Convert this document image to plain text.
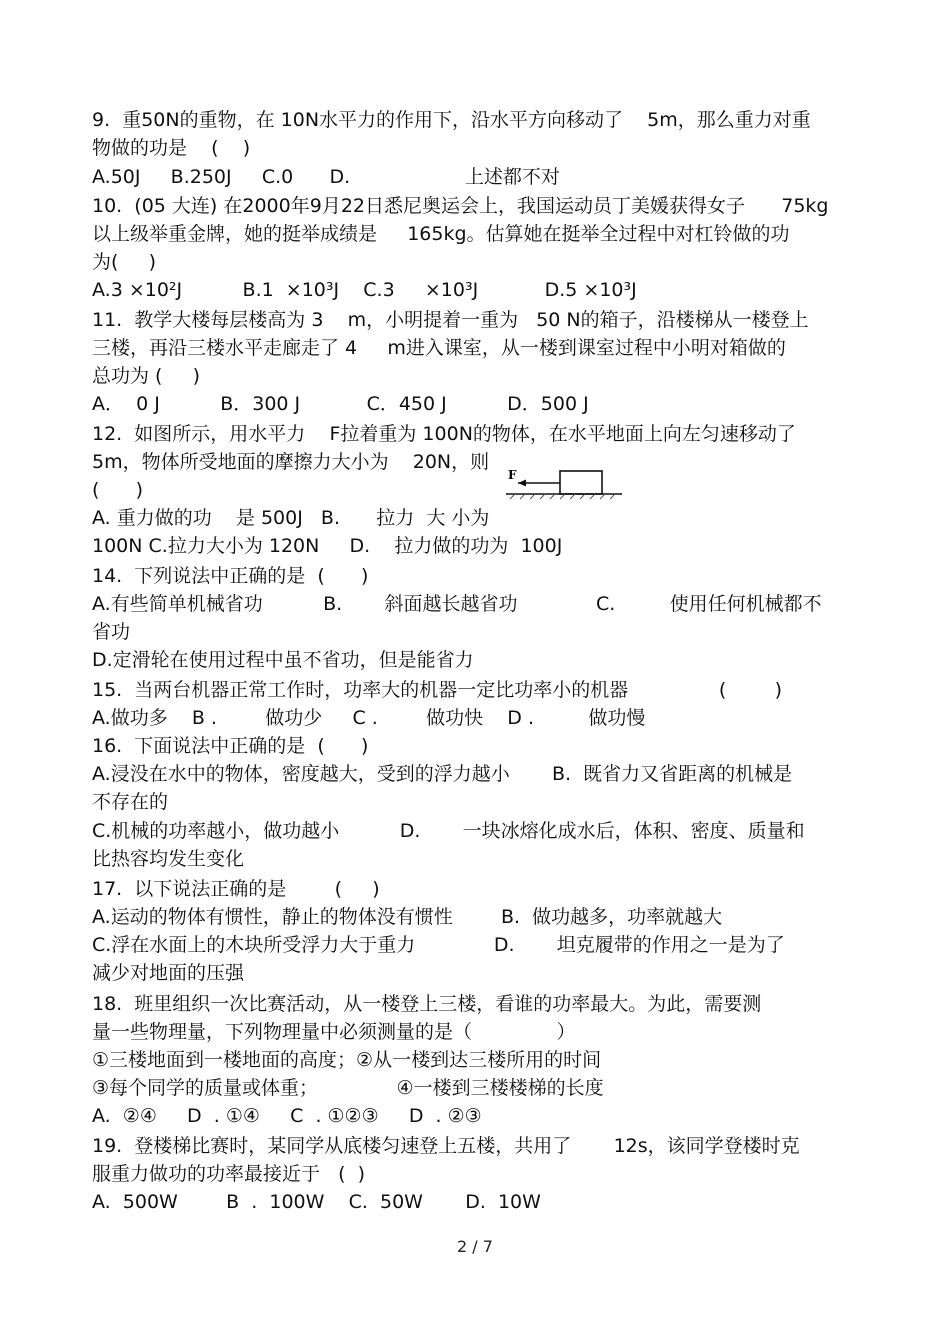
9.  重50N的重物，在 10N水平力的作用下，沿水平方向移动了    5m，那么重力对重
物做的功是    (    )
A.50J     B.250J     C.0      D.                   上述都不对
10.  (05 大连) 在2000年9月22日悉尼奥运会上，我国运动员丁美媛获得女子      75kg
以上级举重金牌，她的挺举成绩是     165kg。估算她在挺举全过程中对杠铃做的功
为(     )
A.3 ×10²J          B.1  ×10³J    C.3     ×10³J           D.5 ×10³J
11.  教学大楼每层楼高为 3    m，小明提着一重为   50 N的箱子，沿楼梯从一楼登上
三楼，再沿三楼水平走廊走了 4     m进入课室，从一楼到课室过程中小明对箱做的
总功为 (     )
A．  0 J          B．300 J           C．450 J          D．500 J
12.  如图所示，用水平力    F拉着重为 100N的物体，在水平地面上向左匀速移动了
5m，物体所受地面的摩擦力大小为    20N，则
(      )
A. 重力做的功    是 500J   B.      拉力  大 小为
100N C.拉力大小为 120N     D.    拉力做的功为  100J
F
14.  下列说法中正确的是  (      )
A.有些简单机械省功          B.       斜面越长越省功             C.         使用任何机械都不
省功
D.定滑轮在使用过程中虽不省功，但是能省力
15.  当两台机器正常工作时，功率大的机器一定比功率小的机器               (        )
A.做功多    B .        做功少     C .        做功快    D .         做功慢
16.  下面说法中正确的是  (      )
A.浸没在水中的物体，密度越大，受到的浮力越小       B.  既省力又省距离的机械是
不存在的
C.机械的功率越小，做功越小          D.       一块冰熔化成水后，体积、密度、质量和
比热容均发生变化
17.  以下说法正确的是        (     )
A.运动的物体有惯性，静止的物体没有惯性        B.  做功越多，功率就越大
C.浮在水面上的木块所受浮力大于重力             D.       坦克履带的作用之一是为了
减少对地面的压强
18.  班里组织一次比赛活动，从一楼登上三楼，看谁的功率最大。为此，需要测
量一些物理量，下列物理量中必须测量的是（              ）
①三楼地面到一楼地面的高度；②从一楼到达三楼所用的时间
③每个同学的质量或体重；             ④一楼到三楼楼梯的长度
A.  ②④     D  . ①④     C  . ①②③     D  . ②③
19.  登楼梯比赛时，某同学从底楼匀速登上五楼，共用了       12s，该同学登楼时克
服重力做功的功率最接近于   (  )
A.  500W        B  .  100W    C.  50W       D.  10W
2 / 7
